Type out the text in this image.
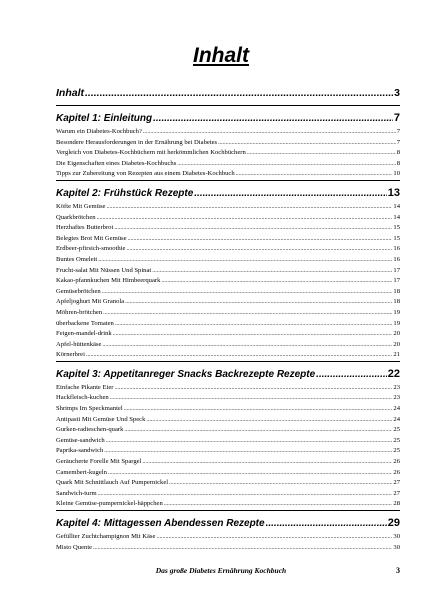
Inhalt
Inhalt .....	3
Kapitel 1: Einleitung .....	7
Warum ein Diabetes-Kochbuch? .....	7
Besondere Herausforderungen in der Ernährung bei Diabetes .....	7
Vergleich von Diabetes-Kochbüchern mit herkömmlichen Kochbüchern .....	8
Die Eigenschaften eines Diabetes-Kochbuchs .....	8
Tipps zur Zubereitung von Rezepten aus einem Diabetes-Kochbuch .....	10
Kapitel 2: Frühstück Rezepte .....	13
Köfte Mit Gemüse .....	14
Quarkbrötchen .....	14
Herzhaftes Butterbrot .....	15
Belegtes Brot Mit Gemüse .....	15
Erdbeer-pfirsich-smoothie .....	16
Buntes Omelett .....	16
Frucht-salat Mit Nüssen Und Spinat .....	17
Kakao-pfannkuchen Mit Himbeerquark .....	17
Gemüsebrötchen .....	18
Apfeljoghurt Mit Granola .....	18
Möhren-brötchen .....	19
überbackene Tomaten .....	19
Feigen-mandel-drink .....	20
Apfel-hüttenkäse .....	20
Körnerbrei .....	21
Kapitel 3: Appetitanreger Snacks Backrezepte Rezepte .....	22
Einfache Pikante Eier .....	23
Hackfleisch-kuchen .....	23
Shrimps Im Speckmantel .....	24
Antipasti Mit Gemüse Und Speck .....	24
Gurken-radieschen-quark .....	25
Gemüse-sandwich .....	25
Paprika-sandwich .....	25
Geräucherte Forelle Mit Spargel .....	26
Camembert-kugeln .....	26
Quark Mit Schnittlauch Auf Pumpernickel .....	27
Sandwich-turm .....	27
Kleine Gemüse-pumpernickel-häppchen .....	28
Kapitel 4: Mittagessen Abendessen Rezepte .....	29
Gefüllter Zuchtchampignon Mit Käse .....	30
Misto Quente .....	30
Das große Diabetes Ernährung Kochbuch	3
